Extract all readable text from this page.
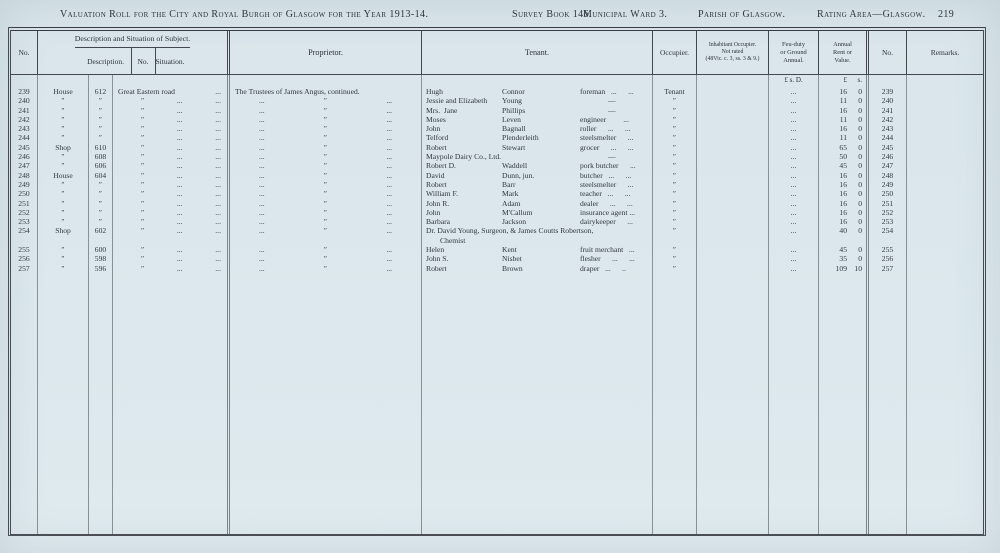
Valuation Roll for the City and Royal Burgh of Glasgow for the Year 1913-14.	Survey Book 146.
Municipal Ward 3.	Parish of Glasgow.	Rating Area—Glasgow. 219
No.
Description and Situation of Subject.
Description.	No. Situation.
Proprietor.	Tenant.	Occupier.
Inhabitant Occupier.
Not rated
(48Vic. c. 3, ss. 3 & 9.)
Feu-duty
or Ground
Annual.
Annual
Rent or
Value.
No.	Remarks.
£ s. D.	£	s.
239	House	612	Great Eastern road	...	The Trustees of James Angus, continued.	Hugh	Connor	foreman   ...      ...	Tenant	...	16	0	239
240	″	″	″	...	...	...	″	...	Jessie and Elizabeth	Young	—	″	...	11	0	240
241	″	″	″	...	...	...	″	...	Mrs.  Jane	Phillips	—	″	...	16	0	241
242	″	″	″	...	...	...	″	...	Moses	Leven	engineer         ...	″	...	11	0	242
243	″	″	″	...	...	...	″	...	John	Bagnall	roller      ...      ...	″	...	16	0	243
244	″	″	″	...	...	...	″	...	Telford	Plenderleith	steelsmelter      ...	″	...	11	0	244
245	Shop	610	″	...	...	...	″	...	Robert	Stewart	grocer      ...      ...	″	...	65	0	245
246	″	608	″	...	...	...	″	...	Maypole Dairy Co., Ltd.	—	″	...	50	0	246
247	″	606	″	...	...	...	″	...	Robert D.	Waddell	pork butcher      ...	″	...	45	0	247
248	House	604	″	...	...	...	″	...	David	Dunn, jun.	butcher   ...      ...	″	...	16	0	248
249	″	″	″	...	...	...	″	...	Robert	Barr	steelsmelter      ...	″	...	16	0	249
250	″	″	″	...	...	...	″	...	William F.	Mark	teacher   ...      ...	″	...	16	0	250
251	″	″	″	...	...	...	″	...	John R.	Adam	dealer      ...      ...	″	...	16	0	251
252	″	″	″	...	...	...	″	...	John	M'Callum	insurance agent ...	″	...	16	0	252
253	″	″	″	...	...	...	″	...	Barbara	Jackson	dairykeeper      ...	″	...	16	0	253
254	Shop	602	″	...	...	...	″	...	Dr. David Young, Surgeon, & James Coutts Robertson,
Chemist
″	...	40	0	254
255	″	600	″	...	...	...	″	...	Helen	Kent	fruit merchant   ...	″	...	45	0	255
256	″	598	″	...	...	...	″	...	John S.	Nisbet	flesher      ...      ...	″	...	35	0	256
257	″	596	″	...	...	...	″	...	Robert	Brown	draper   ...      ..	″	...	109 10	257
